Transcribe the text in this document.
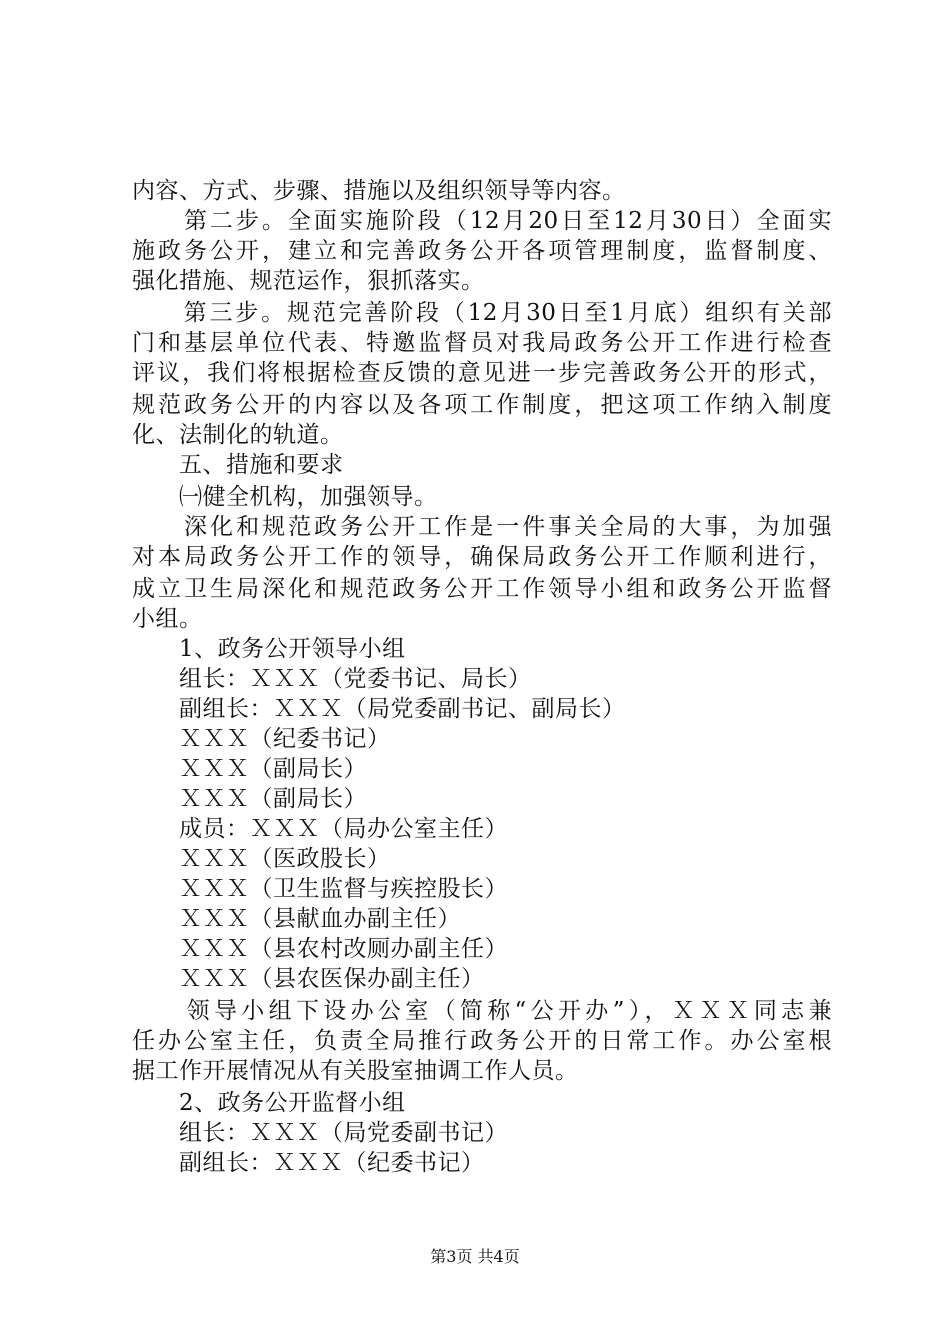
内容、方式、步骤、措施以及组织领导等内容。
　　第二步。全面实施阶段（12月20日至12月30日）全面实
施政务公开，建立和完善政务公开各项管理制度，监督制度、
强化措施、规范运作，狠抓落实。
　　第三步。规范完善阶段（12月30日至1月底）组织有关部
门和基层单位代表、特邀监督员对我局政务公开工作进行检查
评议，我们将根据检查反馈的意见进一步完善政务公开的形式，
规范政务公开的内容以及各项工作制度，把这项工作纳入制度
化、法制化的轨道。
　　五、措施和要求
　　㈠健全机构，加强领导。
　　深化和规范政务公开工作是一件事关全局的大事，为加强
对本局政务公开工作的领导，确保局政务公开工作顺利进行，
成立卫生局深化和规范政务公开工作领导小组和政务公开监督
小组。
　　1、政务公开领导小组
　　组长：ＸＸＸ（党委书记、局长）
　　副组长：ＸＸＸ（局党委副书记、副局长）
　　ＸＸＸ（纪委书记）
　　ＸＸＸ（副局长）
　　ＸＸＸ（副局长）
　　成员：ＸＸＸ（局办公室主任）
　　ＸＸＸ（医政股长）
　　ＸＸＸ（卫生监督与疾控股长）
　　ＸＸＸ（县献血办副主任）
　　ＸＸＸ（县农村改厕办副主任）
　　ＸＸＸ（县农医保办副主任）
　　领导小组下设办公室（简称“公开办”），ＸＸＸ同志兼
任办公室主任，负责全局推行政务公开的日常工作。办公室根
据工作开展情况从有关股室抽调工作人员。
　　2、政务公开监督小组
　　组长：ＸＸＸ（局党委副书记）
　　副组长：ＸＸＸ（纪委书记）
第3页 共4页
